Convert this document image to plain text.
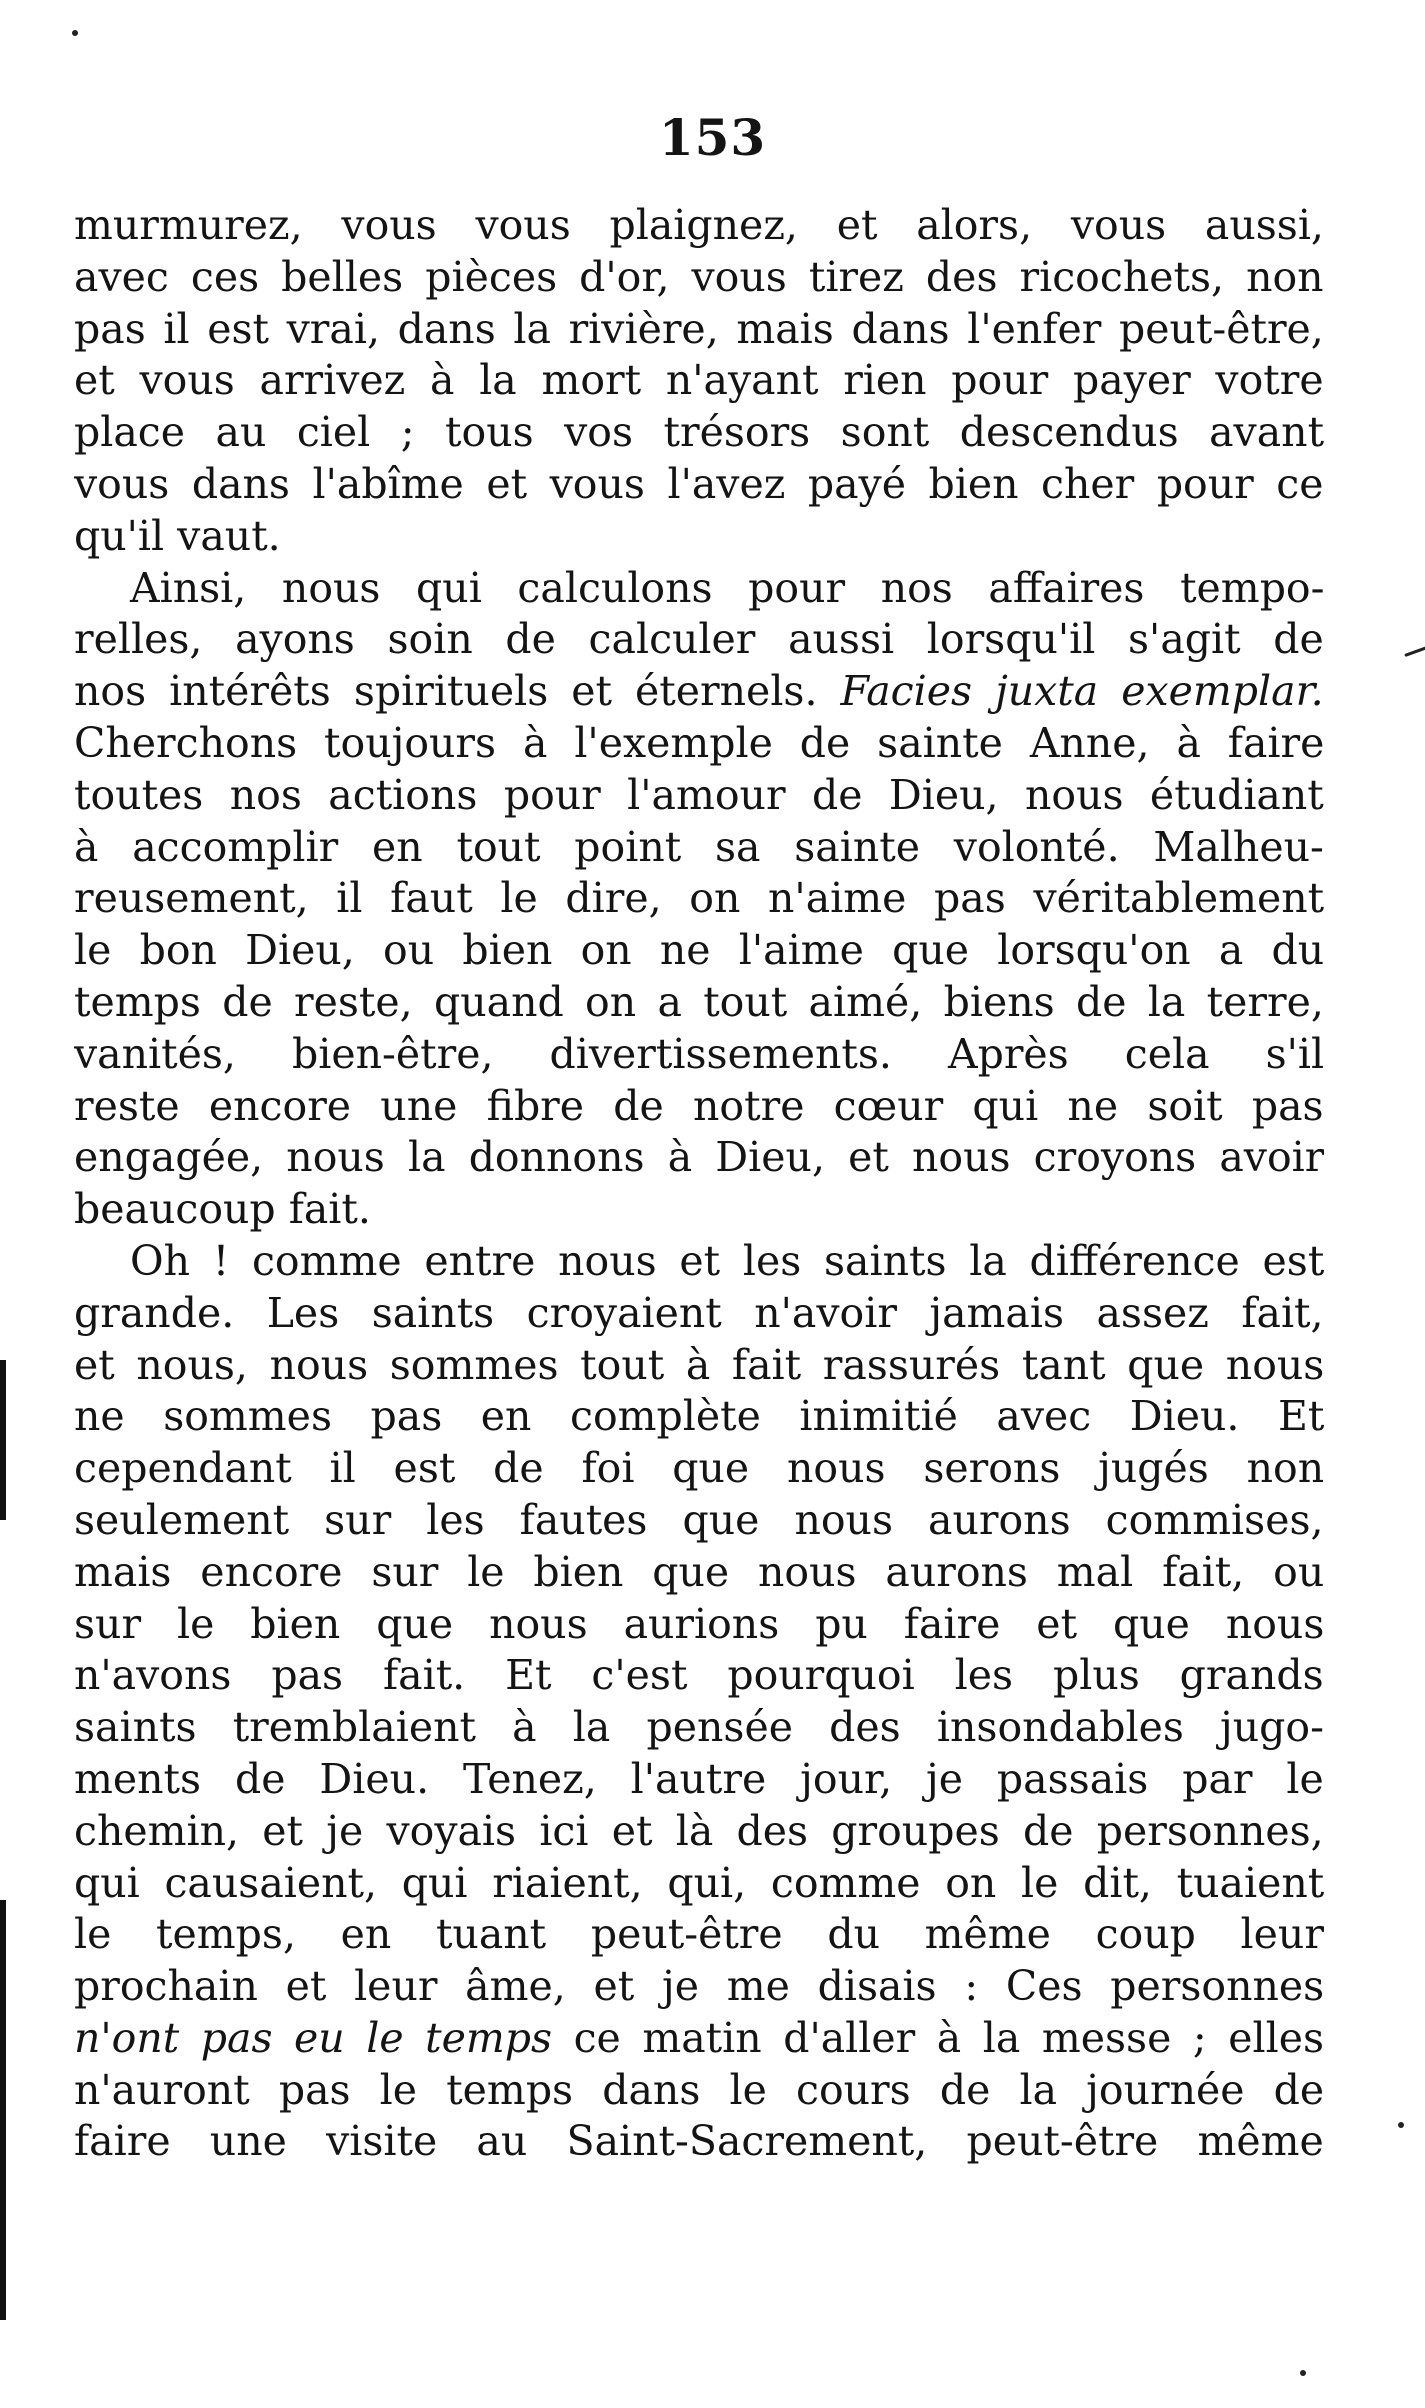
153
murmurez, vous vous plaignez, et alors, vous aussi,
avec ces belles pièces d'or, vous tirez des ricochets, non
pas il est vrai, dans la rivière, mais dans l'enfer peut-être,
et vous arrivez à la mort n'ayant rien pour payer votre
place au ciel ; tous vos trésors sont descendus avant
vous dans l'abîme et vous l'avez payé bien cher pour ce
qu'il vaut.
Ainsi, nous qui calculons pour nos affaires tempo-
relles, ayons soin de calculer aussi lorsqu'il s'agit de
nos intérêts spirituels et éternels. Facies juxta exemplar.
Cherchons toujours à l'exemple de sainte Anne, à faire
toutes nos actions pour l'amour de Dieu, nous étudiant
à accomplir en tout point sa sainte volonté. Malheu-
reusement, il faut le dire, on n'aime pas véritablement
le bon Dieu, ou bien on ne l'aime que lorsqu'on a du
temps de reste, quand on a tout aimé, biens de la terre,
vanités, bien-être, divertissements. Après cela s'il
reste encore une fibre de notre cœur qui ne soit pas
engagée, nous la donnons à Dieu, et nous croyons avoir
beaucoup fait.
Oh ! comme entre nous et les saints la différence est
grande. Les saints croyaient n'avoir jamais assez fait,
et nous, nous sommes tout à fait rassurés tant que nous
ne sommes pas en complète inimitié avec Dieu. Et
cependant il est de foi que nous serons jugés non
seulement sur les fautes que nous aurons commises,
mais encore sur le bien que nous aurons mal fait, ou
sur le bien que nous aurions pu faire et que nous
n'avons pas fait. Et c'est pourquoi les plus grands
saints tremblaient à la pensée des insondables jugo-
ments de Dieu. Tenez, l'autre jour, je passais par le
chemin, et je voyais ici et là des groupes de personnes,
qui causaient, qui riaient, qui, comme on le dit, tuaient
le temps, en tuant peut-être du même coup leur
prochain et leur âme, et je me disais : Ces personnes
n'ont pas eu le temps ce matin d'aller à la messe ; elles
n'auront pas le temps dans le cours de la journée de
faire une visite au Saint-Sacrement, peut-être même
